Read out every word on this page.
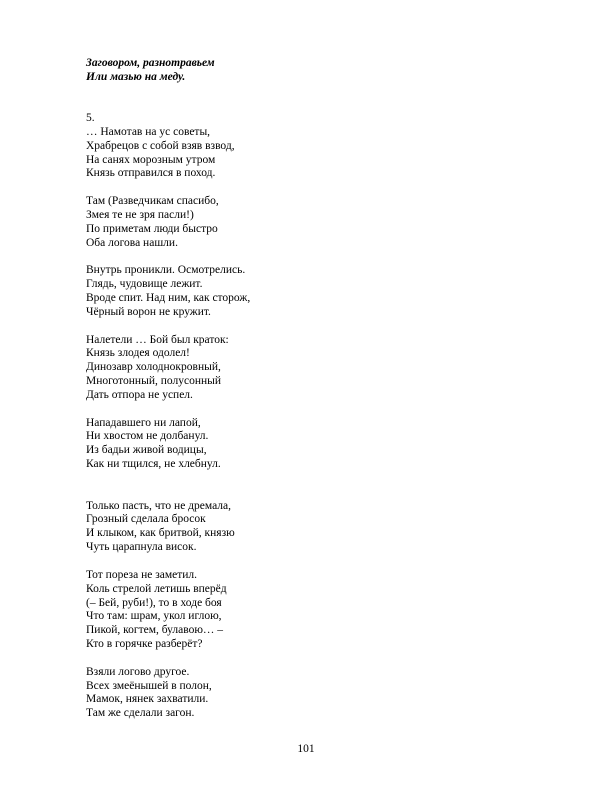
Заговором, разнотравьем
Или мазью на меду.
5.
… Намотав на ус советы,
Храбрецов с собой взяв взвод,
На санях морозным утром
Князь отправился в поход.
Там (Разведчикам спасибо,
Змея те не зря пасли!)
По приметам люди быстро
Оба логова нашли.
Внутрь проникли. Осмотрелись.
Глядь, чудовище лежит.
Вроде спит. Над ним, как сторож,
Чёрный ворон не кружит.
Налетели … Бой был краток:
Князь злодея одолел!
Динозавр холоднокровный,
Многотонный, полусонный
Дать отпора не успел.
Нападавшего ни лапой,
Ни хвостом не долбанул.
Из бадьи живой водицы,
Как ни тщился, не хлебнул.
Только пасть, что не дремала,
Грозный сделала бросок
И клыком, как бритвой, князю
Чуть царапнула висок.
Тот пореза не заметил.
Коль стрелой летишь вперёд
(– Бей, руби!), то в ходе боя
Что там: шрам, укол иглою,
Пикой, когтем, булавою… –
Кто в горячке разберёт?
Взяли логово другое.
Всех змеёнышей в полон,
Мамок, нянек захватили.
Там же сделали загон.
101
